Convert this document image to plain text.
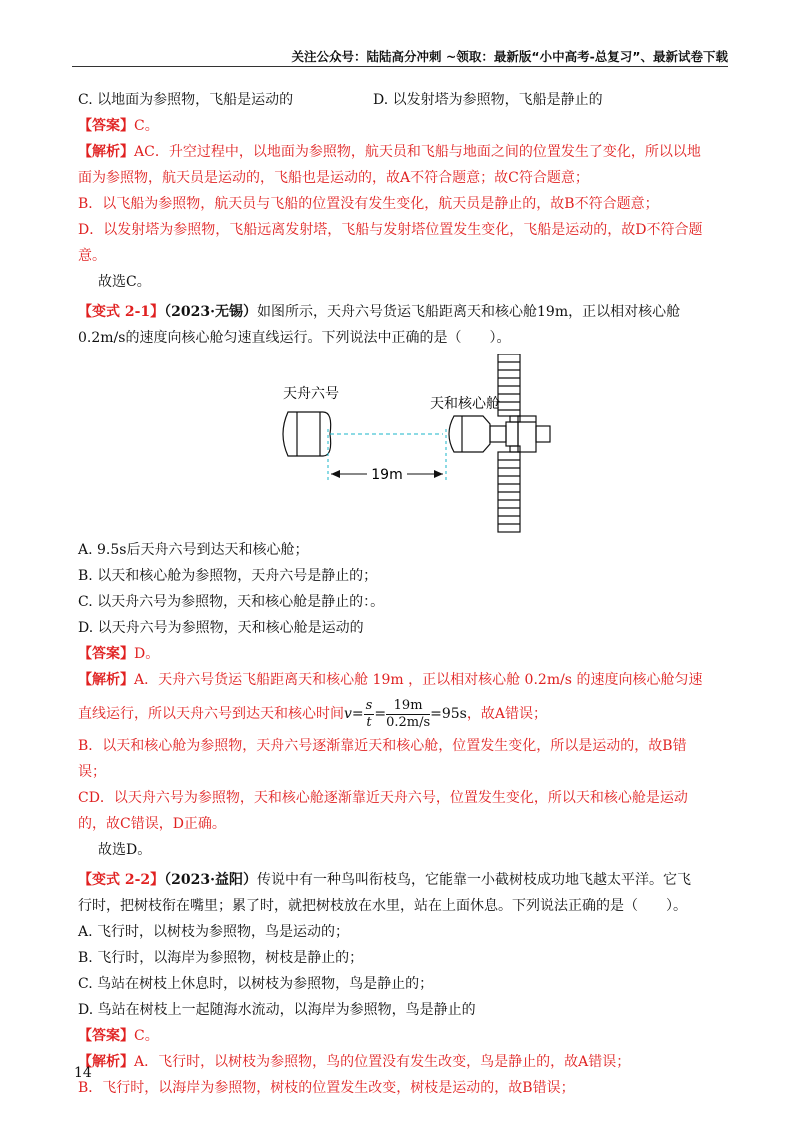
关注公众号：陆陆高分冲刺 ~领取：最新版“小中高考-总复习”、最新试卷下载
C. 以地面为参照物，飞船是运动的	D. 以发射塔为参照物，飞船是静止的
【答案】C。
【解析】AC．升空过程中，以地面为参照物，航天员和飞船与地面之间的位置发生了变化，所以以地
面为参照物，航天员是运动的，飞船也是运动的，故A不符合题意；故C符合题意；
B．以飞船为参照物，航天员与飞船的位置没有发生变化，航天员是静止的，故B不符合题意；
D．以发射塔为参照物，飞船远离发射塔，飞船与发射塔位置发生变化，飞船是运动的，故D不符合题
意。
故选C。
【变式 2-1】（2023·无锡）如图所示，天舟六号货运飞船距离天和核心舱19m，正以相对核心舱
0.2m/s的速度向核心舱匀速直线运行。下列说法中正确的是（　　）。
天舟六号
19m
天和核心舱
A. 9.5s后天舟六号到达天和核心舱；
B. 以天和核心舱为参照物，天舟六号是静止的；
C. 以天舟六号为参照物，天和核心舱是静止的：。
D. 以天舟六号为参照物，天和核心舱是运动的
【答案】D。
【解析】A．天舟六号货运飞船距离天和核心舱 19m ，正以相对核心舱 0.2m/s 的速度向核心舱匀速
直线运行，所以天舟六号到达天和核心时间$v= \frac{s}{t} = \frac{19m}{0.2m/s} =95s$，故A错误；
B．以天和核心舱为参照物，天舟六号逐渐靠近天和核心舱，位置发生变化，所以是运动的，故B错
误；
CD．以天舟六号为参照物，天和核心舱逐渐靠近天舟六号，位置发生变化，所以天和核心舱是运动
的，故C错误，D正确。
故选D。
【变式 2-2】（2023·益阳）传说中有一种鸟叫衔枝鸟，它能靠一小截树枝成功地飞越太平洋。它飞
行时，把树枝衔在嘴里；累了时，就把树枝放在水里，站在上面休息。下列说法正确的是（　　）。
A. 飞行时，以树枝为参照物，鸟是运动的；
B. 飞行时，以海岸为参照物，树枝是静止的；
C. 鸟站在树枝上休息时，以树枝为参照物，鸟是静止的；
D. 鸟站在树枝上一起随海水流动，以海岸为参照物，鸟是静止的
【答案】C。
【解析】A．飞行时，以树枝为参照物，鸟的位置没有发生改变，鸟是静止的，故A错误；
B．飞行时，以海岸为参照物，树枝的位置发生改变，树枝是运动的，故B错误；
14
